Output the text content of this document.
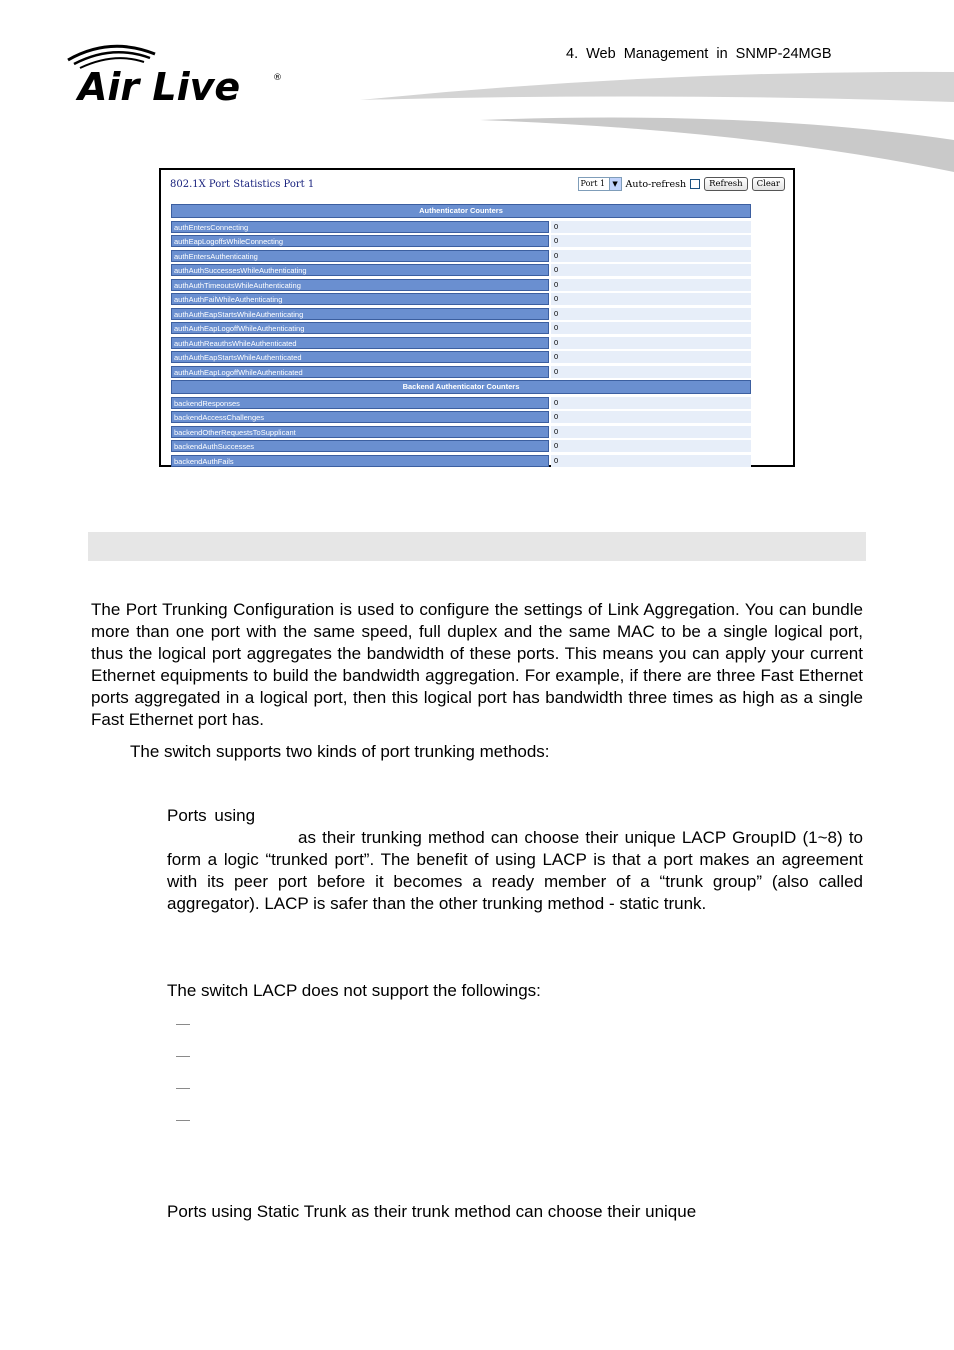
4. Web Management in SNMP-24MGB
Air Live	®
802.1X Port Statistics Port 1	Port 1	▼ Auto-refresh	Refresh	Clear
Authenticator Counters
authEntersConnecting	0
authEapLogoffsWhileConnecting	0
authEntersAuthenticating	0
authAuthSuccessesWhileAuthenticating	0
authAuthTimeoutsWhileAuthenticating	0
authAuthFailWhileAuthenticating	0
authAuthEapStartsWhileAuthenticating	0
authAuthEapLogoffWhileAuthenticating	0
authAuthReauthsWhileAuthenticated	0
authAuthEapStartsWhileAuthenticated	0
authAuthEapLogoffWhileAuthenticated	0
Backend Authenticator Counters
backendResponses	0
backendAccessChallenges	0
backendOtherRequestsToSupplicant	0
backendAuthSuccesses	0
backendAuthFails	0
The Port Trunking Configuration is used to configure the settings of Link Aggregation. You can bundle more than one port with the same speed, full duplex and the same MAC to be a single logical port, thus the logical port aggregates the bandwidth of these ports. This means you can apply your current Ethernet equipments to build the bandwidth aggregation. For example, if there are three Fast Ethernet ports aggregated in a logical port, then this logical port has bandwidth three times as high as a single Fast Ethernet port has.
The switch supports two kinds of port trunking methods:
Ports using
as their trunking method can choose their unique LACP GroupID (1~8) to form a logic “trunked port”. The benefit of using LACP is that a port makes an agreement with its peer port before it becomes a ready member of a “trunk group” (also called aggregator). LACP is safer than the other trunking method - static trunk.
The switch LACP does not support the followings:
Ports using Static Trunk as their trunk method can choose their unique
